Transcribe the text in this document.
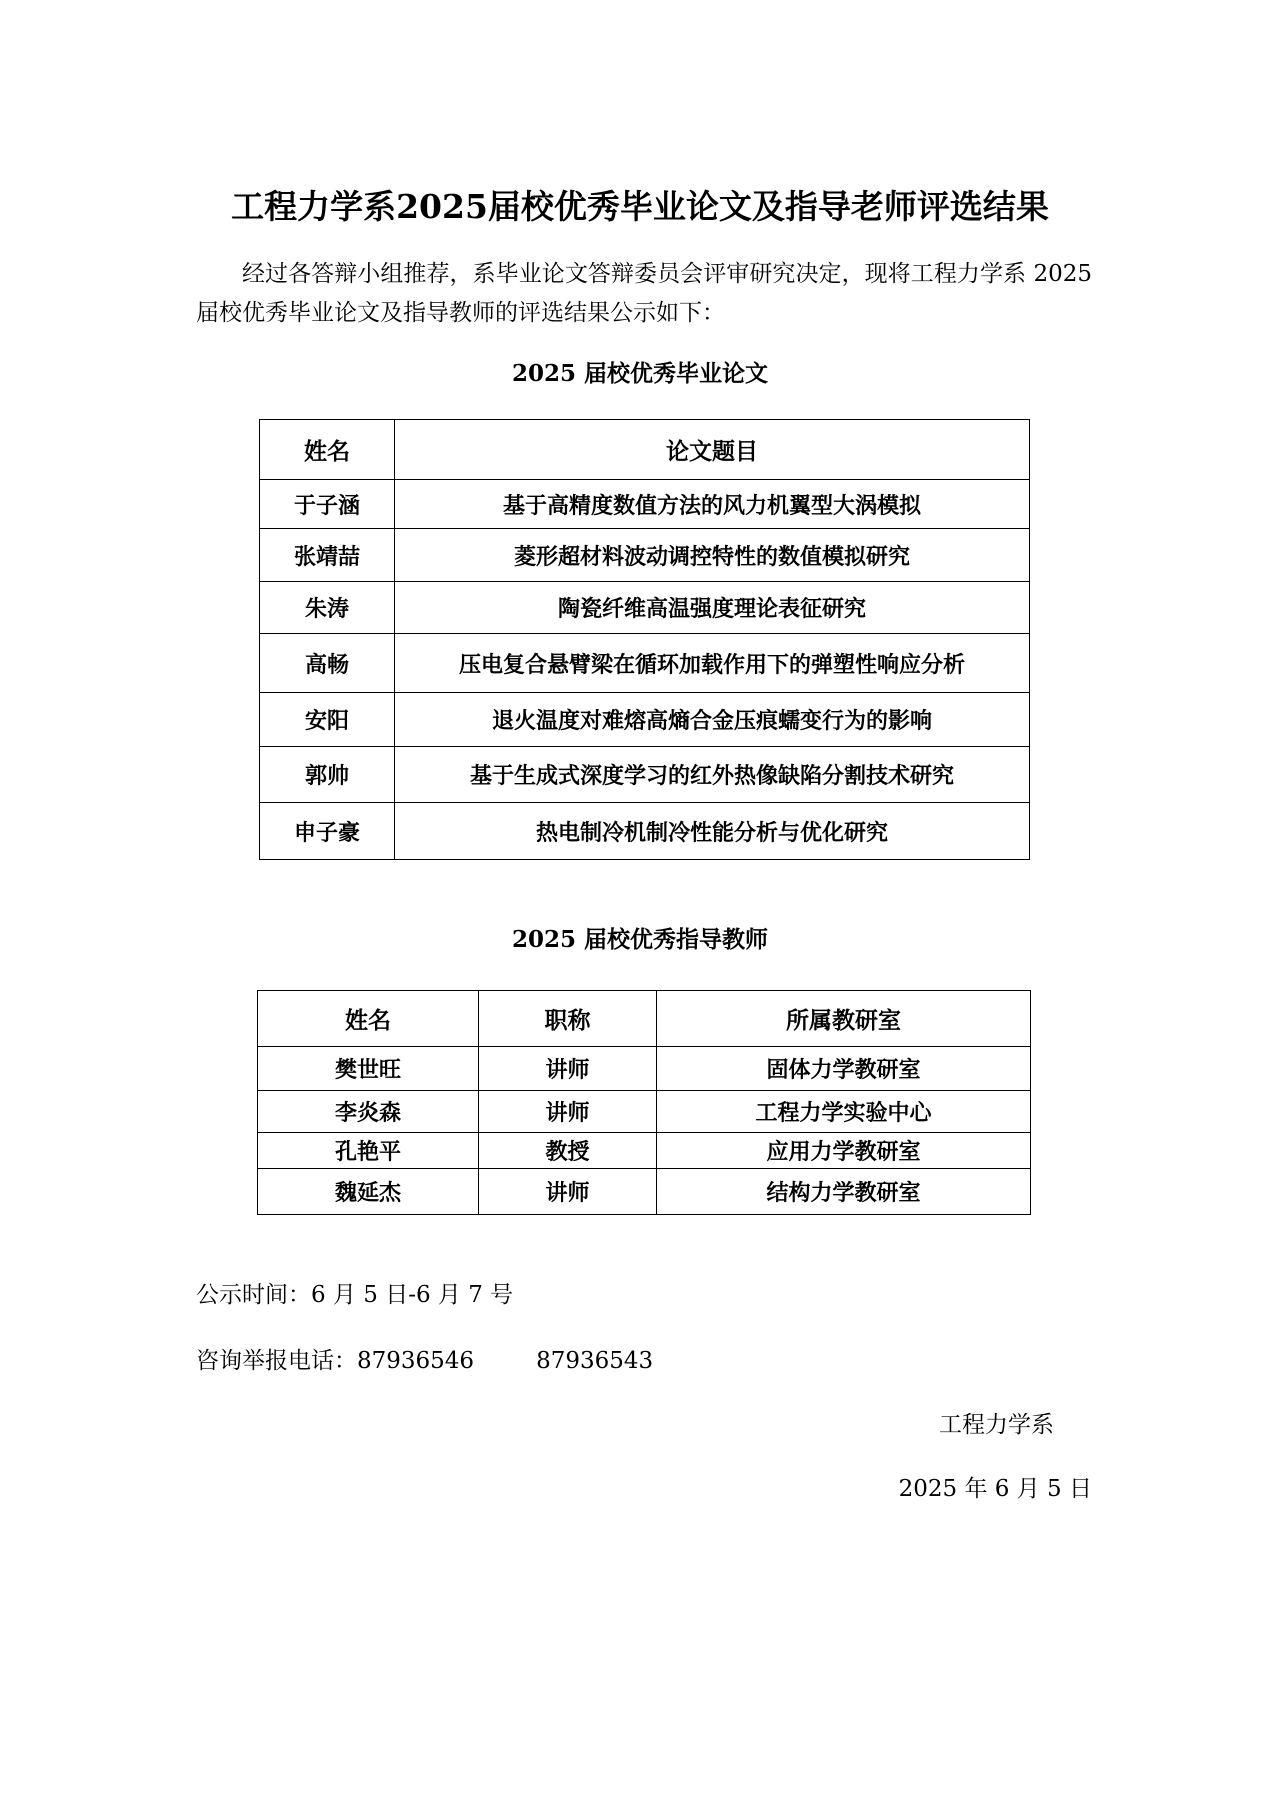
工程力学系2025届校优秀毕业论文及指导老师评选结果
经过各答辩小组推荐，系毕业论文答辩委员会评审研究决定，现将工程力学系 2025 届校优秀毕业论文及指导教师的评选结果公示如下：
2025 届校优秀毕业论文
姓名	论文题目
于子涵	基于高精度数值方法的风力机翼型大涡模拟
张靖喆	菱形超材料波动调控特性的数值模拟研究
朱涛	陶瓷纤维高温强度理论表征研究
高畅	压电复合悬臂梁在循环加载作用下的弹塑性响应分析
安阳	退火温度对难熔高熵合金压痕蠕变行为的影响
郭帅	基于生成式深度学习的红外热像缺陷分割技术研究
申子豪	热电制冷机制冷性能分析与优化研究
2025 届校优秀指导教师
姓名	职称	所属教研室
樊世旺	讲师	固体力学教研室
李炎森	讲师	工程力学实验中心
孔艳平	教授	应用力学教研室
魏延杰	讲师	结构力学教研室
公示时间：6 月 5 日-6 月 7 号
咨询举报电话：87936546	87936543
工程力学系
2025 年 6 月 5 日
